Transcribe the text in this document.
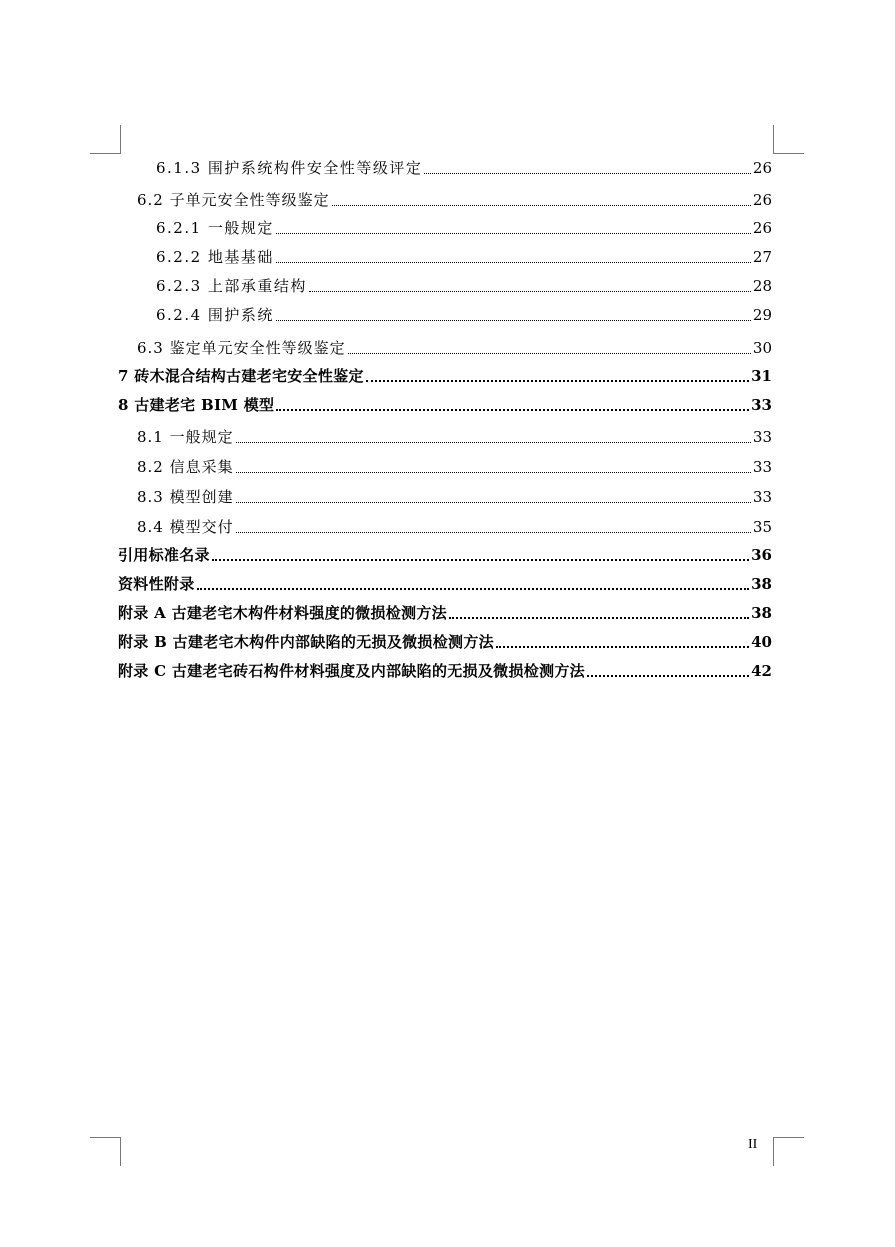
6.1.3 围护系统构件安全性等级评定	26
6.2 子单元安全性等级鉴定	26
6.2.1 一般规定	26
6.2.2 地基基础	27
6.2.3 上部承重结构	28
6.2.4 围护系统	29
6.3 鉴定单元安全性等级鉴定	30
7 砖木混合结构古建老宅安全性鉴定	31
8 古建老宅 BIM 模型	33
8.1 一般规定	33
8.2 信息采集	33
8.3 模型创建	33
8.4 模型交付	35
引用标准名录	36
资料性附录	38
附录 A 古建老宅木构件材料强度的微损检测方法	38
附录 B 古建老宅木构件内部缺陷的无损及微损检测方法	40
附录 C 古建老宅砖石构件材料强度及内部缺陷的无损及微损检测方法	42
II
